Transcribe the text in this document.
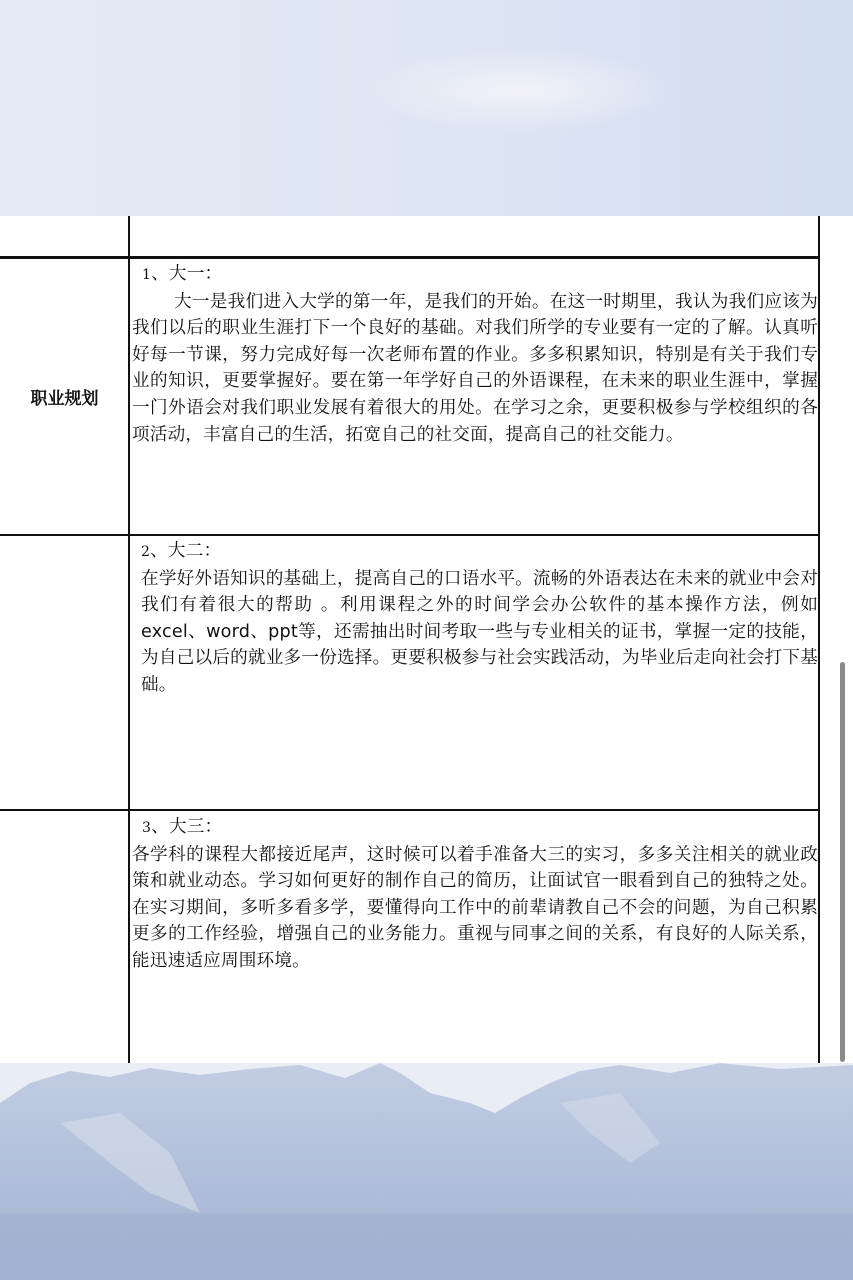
职业规划
1、大一：

大一是我们进入大学的第一年，是我们的开始。在这一时期里，我认为我们应该为我们以后的职业生涯打下一个良好的基础。对我们所学的专业要有一定的了解。认真听好每一节课，努力完成好每一次老师布置的作业。多多积累知识，特别是有关于我们专业的知识，更要掌握好。要在第一年学好自己的外语课程，在未来的职业生涯中，掌握一门外语会对我们职业发展有着很大的用处。在学习之余，更要积极参与学校组织的各项活动，丰富自己的生活，拓宽自己的社交面，提高自己的社交能力。

2、大二：

在学好外语知识的基础上，提高自己的口语水平。流畅的外语表达在未来的就业中会对我们有着很大的帮助 。利用课程之外的时间学会办公软件的基本操作方法，例如excel、word、ppt等，还需抽出时间考取一些与专业相关的证书，掌握一定的技能，为自己以后的就业多一份选择。更要积极参与社会实践活动，为毕业后走向社会打下基础。

3、大三：

各学科的课程大都接近尾声，这时候可以着手准备大三的实习，多多关注相关的就业政策和就业动态。学习如何更好的制作自己的简历，让面试官一眼看到自己的独特之处。在实习期间，多听多看多学，要懂得向工作中的前辈请教自己不会的问题，为自己积累更多的工作经验，增强自己的业务能力。重视与同事之间的关系，有良好的人际关系，能迅速适应周围环境。
